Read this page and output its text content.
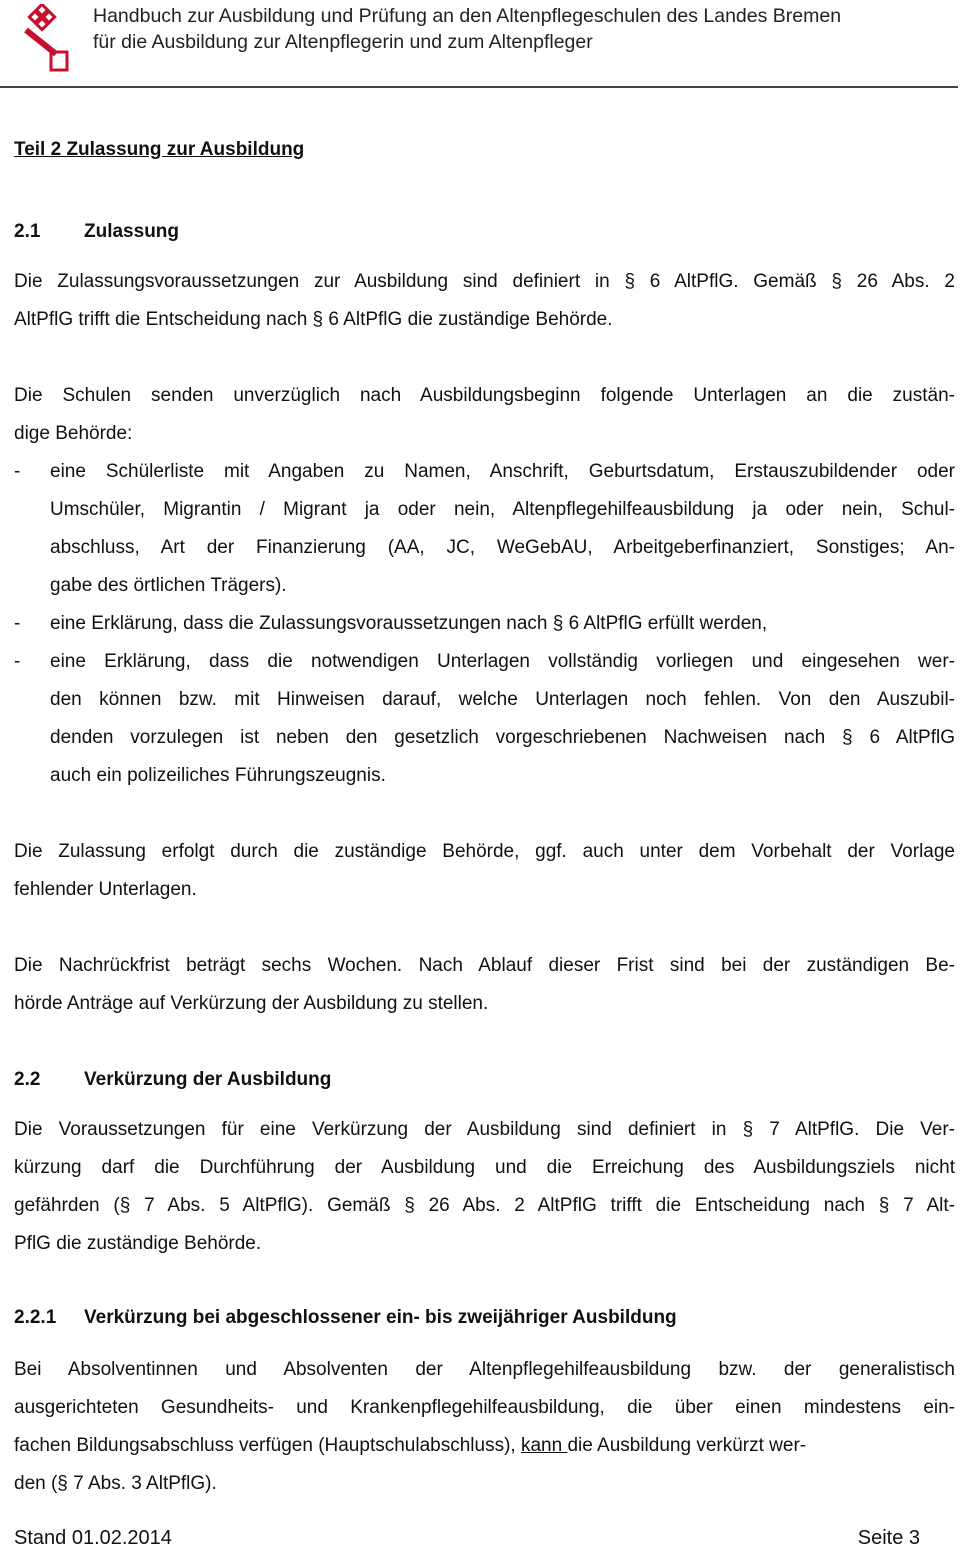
Handbuch zur Ausbildung und Prüfung an den Altenpflegeschulen des Landes Bremen
für die Ausbildung zur Altenpflegerin und zum Altenpfleger
Teil 2 Zulassung zur Ausbildung
2.1 Zulassung
Die Zulassungsvoraussetzungen zur Ausbildung sind definiert in § 6 AltPflG. Gemäß § 26 Abs. 2
AltPflG trifft die Entscheidung nach § 6 AltPflG die zuständige Behörde.
Die Schulen senden unverzüglich nach Ausbildungsbeginn folgende Unterlagen an die zustän-
dige Behörde:
- eine Schülerliste mit Angaben zu Namen, Anschrift, Geburtsdatum, Erstauszubildender oder
Umschüler, Migrantin / Migrant ja oder nein, Altenpflegehilfeausbildung ja oder nein, Schul-
abschluss, Art der Finanzierung (AA, JC, WeGebAU, Arbeitgeberfinanziert, Sonstiges; An-
gabe des örtlichen Trägers).
- eine Erklärung, dass die Zulassungsvoraussetzungen nach § 6 AltPflG erfüllt werden,
- eine Erklärung, dass die notwendigen Unterlagen vollständig vorliegen und eingesehen wer-
den können bzw. mit Hinweisen darauf, welche Unterlagen noch fehlen. Von den Auszubil-
denden vorzulegen ist neben den gesetzlich vorgeschriebenen Nachweisen nach § 6 AltPflG
auch ein polizeiliches Führungszeugnis.
Die Zulassung erfolgt durch die zuständige Behörde, ggf. auch unter dem Vorbehalt der Vorlage
fehlender Unterlagen.
Die Nachrückfrist beträgt sechs Wochen. Nach Ablauf dieser Frist sind bei der zuständigen Be-
hörde Anträge auf Verkürzung der Ausbildung zu stellen.
2.2 Verkürzung der Ausbildung
Die Voraussetzungen für eine Verkürzung der Ausbildung sind definiert in § 7 AltPflG. Die Ver-
kürzung darf die Durchführung der Ausbildung und die Erreichung des Ausbildungsziels nicht
gefährden (§ 7 Abs. 5 AltPflG). Gemäß § 26 Abs. 2 AltPflG trifft die Entscheidung nach § 7 Alt-
PflG die zuständige Behörde.
2.2.1 Verkürzung bei abgeschlossener ein- bis zweijähriger Ausbildung
Bei Absolventinnen und Absolventen der Altenpflegehilfeausbildung bzw. der generalistisch
ausgerichteten Gesundheits- und Krankenpflegehilfeausbildung, die über einen mindestens ein-
fachen Bildungsabschluss verfügen (Hauptschulabschluss), kann die Ausbildung verkürzt wer-
den (§ 7 Abs. 3 AltPflG).
Stand 01.02.2014	Seite 3
